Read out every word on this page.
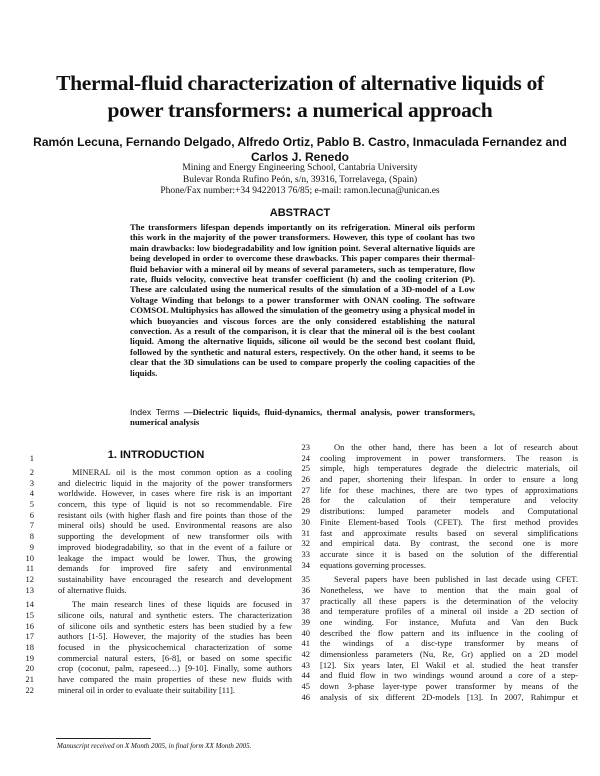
Thermal-fluid characterization of alternative liquids of power transformers: a numerical approach
Ramón Lecuna, Fernando Delgado, Alfredo Ortiz, Pablo B. Castro, Inmaculada Fernandez and Carlos J. Renedo
Mining and Energy Engineering School, Cantabria University
Bulevar Ronda Rufino Peón, s/n, 39316, Torrelavega, (Spain)
Phone/Fax number:+34 9422013 76/85; e-mail: ramon.lecuna@unican.es
ABSTRACT

The transformers lifespan depends importantly on its refrigeration. Mineral oils perform this work in the majority of the power transformers. However, this type of coolant has two main drawbacks: low biodegradability and low ignition point. Several alternative liquids are being developed in order to overcome these drawbacks. This paper compares their thermal-fluid behavior with a mineral oil by means of several parameters, such as temperature, flow rate, fluids velocity, convective heat transfer coefficient (h) and the cooling criterion (P). These are calculated using the numerical results of the simulation of a 3D-model of a Low Voltage Winding that belongs to a power transformer with ONAN cooling. The software COMSOL Multiphysics has allowed the simulation of the geometry using a physical model in which buoyancies and viscous forces are the only considered establishing the natural convection. As a result of the comparison, it is clear that the mineral oil is the best coolant liquid. Among the alternative liquids, silicone oil would be the second best coolant fluid, followed by the synthetic and natural esters, respectively. On the other hand, it seems to be clear that the 3D simulations can be used to compare properly the cooling capacities of the liquids.

Index Terms —Dielectric liquids, fluid-dynamics, thermal analysis, power transformers, numerical analysis
1	1. INTRODUCTION
2	MINERAL oil is the most common option as a cooling
3	and dielectric liquid in the majority of the power transformers
4	worldwide. However, in cases where fire risk is an important
5	concern, this type of liquid is not so recommendable. Fire
6	resistant oils (with higher flash and fire points than those of the
7	mineral oils) should be used. Environmental reasons are also
8	supporting the development of new transformer oils with
9	improved biodegradability, so that in the event of a failure or
10	leakage the impact would be lower. Thus, the growing
11	demands for improved fire safety and environmental
12	sustainability have encouraged the research and development
13	of alternative fluids.
14	The main research lines of these liquids are focused in
15	silicone oils, natural and synthetic esters. The characterization
16	of silicone oils and synthetic esters has been studied by a few
17	authors [1-5]. However, the majority of the studies has been
18	focused in the physicochemical characterization of some
19	commercial natural esters, [6-8], or based on some specific
20	crop (coconut, palm, rapeseed…) [9-10]. Finally, some authors
21	have compared the main properties of these new fluids with
22	mineral oil in order to evaluate their suitability [11].
23	On the other hand, there has been a lot of research about
24 cooling improvement in power transformers. The reason is
25 simple, high temperatures degrade the dielectric materials, oil
26 and paper, shortening their lifespan. In order to ensure a long
27 life for these machines, there are two types of approximations
28 for the calculation of their temperature and velocity
29 distributions: lumped parameter models and Computational
30 Finite Element-based Tools (CFET). The first method provides
31 fast and approximate results based on several simplifications
32 and empirical data. By contrast, the second one is more
33 accurate since it is based on the solution of the differential
34 equations governing processes.
35	Several papers have been published in last decade using CFET.
36 Nonetheless, we have to mention that the main goal of
37 practically all these papers is the determination of the velocity
38 and temperature profiles of a mineral oil inside a 2D section of
39 one winding. For instance, Mufuta and Van den Buck
40 described the flow pattern and its influence in the cooling of
41 the windings of a disc-type transformer by means of
42 dimensionless parameters (Nu, Re, Gr) applied on a 2D model
43 [12]. Six years later, El Wakil et al. studied the heat transfer
44 and fluid flow in two windings wound around a core of a step-
45 down 3-phase layer-type power transformer by means of the
46 analysis of six different 2D-models [13]. In 2007, Rahimpur et
Manuscript received on X Month 2005, in final form XX Month 2005.
